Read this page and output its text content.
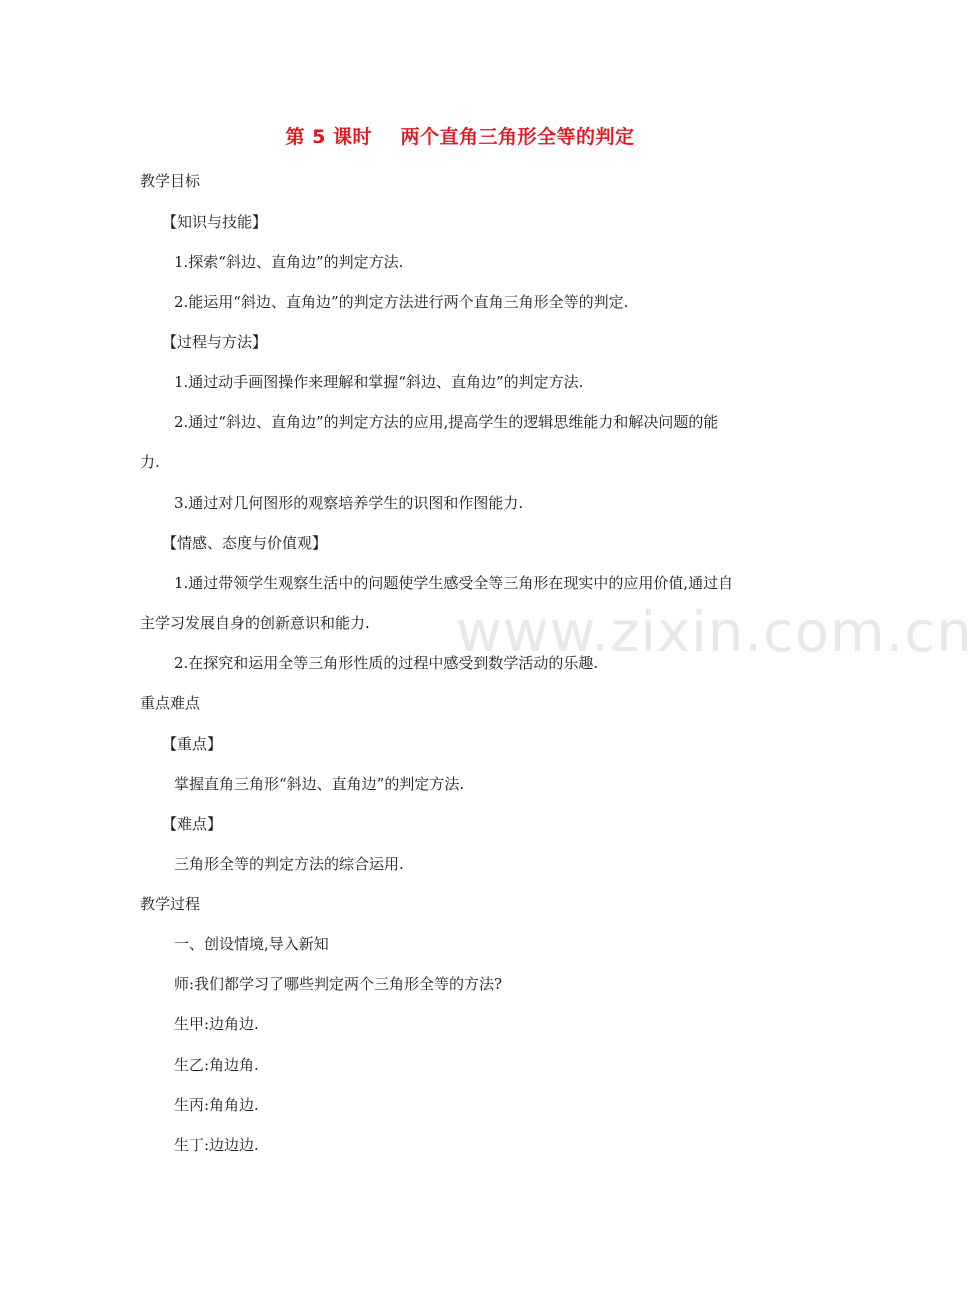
第 5 课时    两个直角三角形全等的判定
教学目标
【知识与技能】
1.探索“斜边、直角边”的判定方法.
2.能运用“斜边、直角边”的判定方法进行两个直角三角形全等的判定.
【过程与方法】
1.通过动手画图操作来理解和掌握“斜边、直角边”的判定方法.
2.通过“斜边、直角边”的判定方法的应用,提高学生的逻辑思维能力和解决问题的能
力.
3.通过对几何图形的观察培养学生的识图和作图能力.
【情感、态度与价值观】
1.通过带领学生观察生活中的问题使学生感受全等三角形在现实中的应用价值,通过自
主学习发展自身的创新意识和能力.
2.在探究和运用全等三角形性质的过程中感受到数学活动的乐趣.
重点难点
【重点】
掌握直角三角形“斜边、直角边”的判定方法.
【难点】
三角形全等的判定方法的综合运用.
教学过程
一、创设情境,导入新知
师:我们都学习了哪些判定两个三角形全等的方法?
生甲:边角边.
生乙:角边角.
生丙:角角边.
生丁:边边边.
www.zixin.com.cn
